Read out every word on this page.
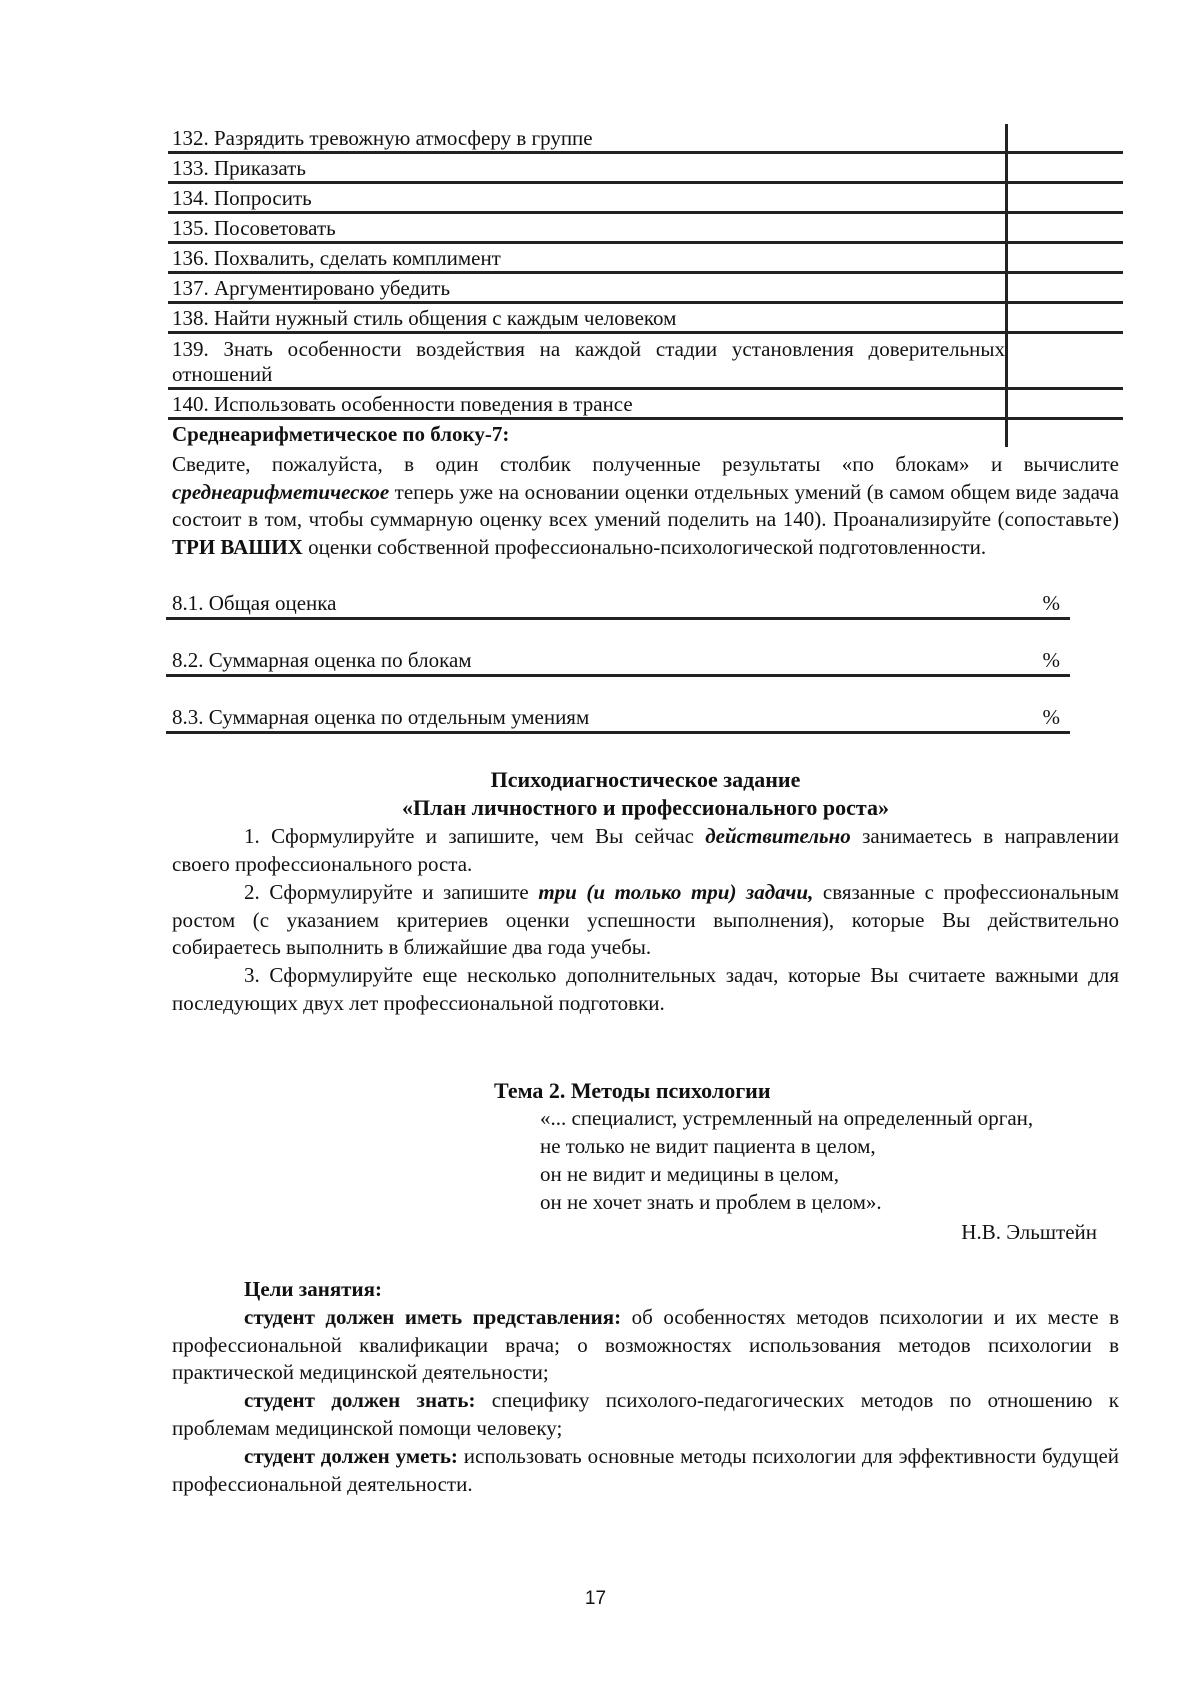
132. Разрядить тревожную атмосферу в группе	
133. Приказать	
134. Попросить	
135. Посоветовать	
136. Похвалить, сделать комплимент	
137. Аргументировано убедить	
138. Найти нужный стиль общения с каждым человеком	
139. Знать особенности воздействия на каждой стадии установления доверительных отношений	
140. Использовать особенности поведения в трансе	
Среднеарифметическое по блоку-7:	

Сведите, пожалуйста, в один столбик полученные результаты «по блокам» и вычислите среднеарифметическое теперь уже на основании оценки отдельных умений (в самом общем виде задача состоит в том, чтобы суммарную оценку всех умений поделить на 140). Проанализируйте (сопоставьте) ТРИ ВАШИХ оценки собственной профессионально-психологической подготовленности.

8.1. Общая оценка	%
8.2. Суммарная оценка по блокам	%
8.3. Суммарная оценка по отдельным умениям	%

Психодиагностическое задание
«План личностного и профессионального роста»

1. Сформулируйте и запишите, чем Вы сейчас действительно занимаетесь в направлении своего профессионального роста.

2. Сформулируйте и запишите три (и только три) задачи, связанные с профессиональным ростом (с указанием критериев оценки успешности выполнения), которые Вы действительно собираетесь выполнить в ближайшие два года учебы.

3. Сформулируйте еще несколько дополнительных задач, которые Вы считаете важными для последующих двух лет профессиональной подготовки.

Тема 2. Методы психологии
«... специалист, устремленный на определенный орган,
не только не видит пациента в целом,
он не видит и медицины в целом,
он не хочет знать и проблем в целом».
Н.В. Эльштейн
Цели занятия:

студент должен иметь представления: об особенностях методов психологии и их месте в профессиональной квалификации врача; о возможностях использования методов психологии в практической медицинской деятельности;

студент должен знать: специфику психолого-педагогических методов по отношению к проблемам медицинской помощи человеку;

студент должен уметь: использовать основные методы психологии для эффективности будущей профессиональной деятельности.

17
